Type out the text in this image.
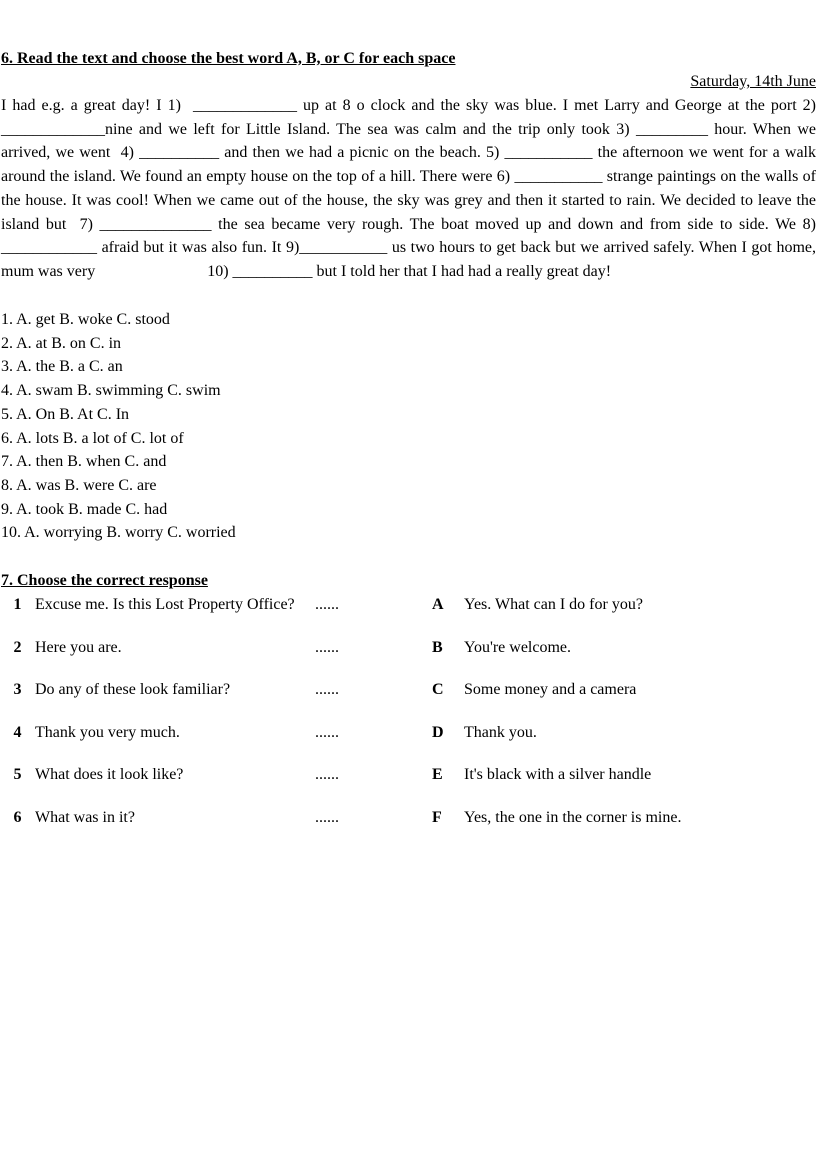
6. Read the text and choose the best word A, B, or C for each space
Saturday, 14th June
I had e.g. a great day! I 1)  _____________ up at 8 o clock and the sky was blue. I met Larry and George at the port 2)  _____________nine and we left for Little Island. The sea was calm and the trip only took 3) _________ hour. When we arrived, we went  4) __________ and then we had a picnic on the beach. 5) ___________ the afternoon we went for a walk around the island. We found an empty house on the top of a hill. There were 6) ___________ strange paintings on the walls of the house. It was cool! When we came out of the house, the sky was grey and then it started to rain. We decided to leave the island but  7) ______________ the sea became very rough. The boat moved up and down and from side to side. We 8) ____________ afraid but it was also fun. It 9)___________ us two hours to get back but we arrived safely. When I got home, mum was very	10) __________ but I told her that I had had a really great day!
1. A. get B. woke C. stood
2. A. at B. on C. in
3. A. the B. a C. an
4. A. swam B. swimming C. swim
5. A. On B. At C. In
6. A. lots B. a lot of C. lot of
7. A. then B. when C. and
8. A. was B. were C. are
9. A. took B. made C. had
10. A. worrying B. worry C. worried
7. Choose the correct response
1	Excuse me. Is this Lost Property Office?	......	A	Yes. What can I do for you?
2	Here you are.	......	B	You're welcome.
3	Do any of these look familiar?	......	C	Some money and a camera
4	Thank you very much.	......	D	Thank you.
5	What does it look like?	......	E	It's black with a silver handle
6	What was in it?	......	F	Yes, the one in the corner is mine.
